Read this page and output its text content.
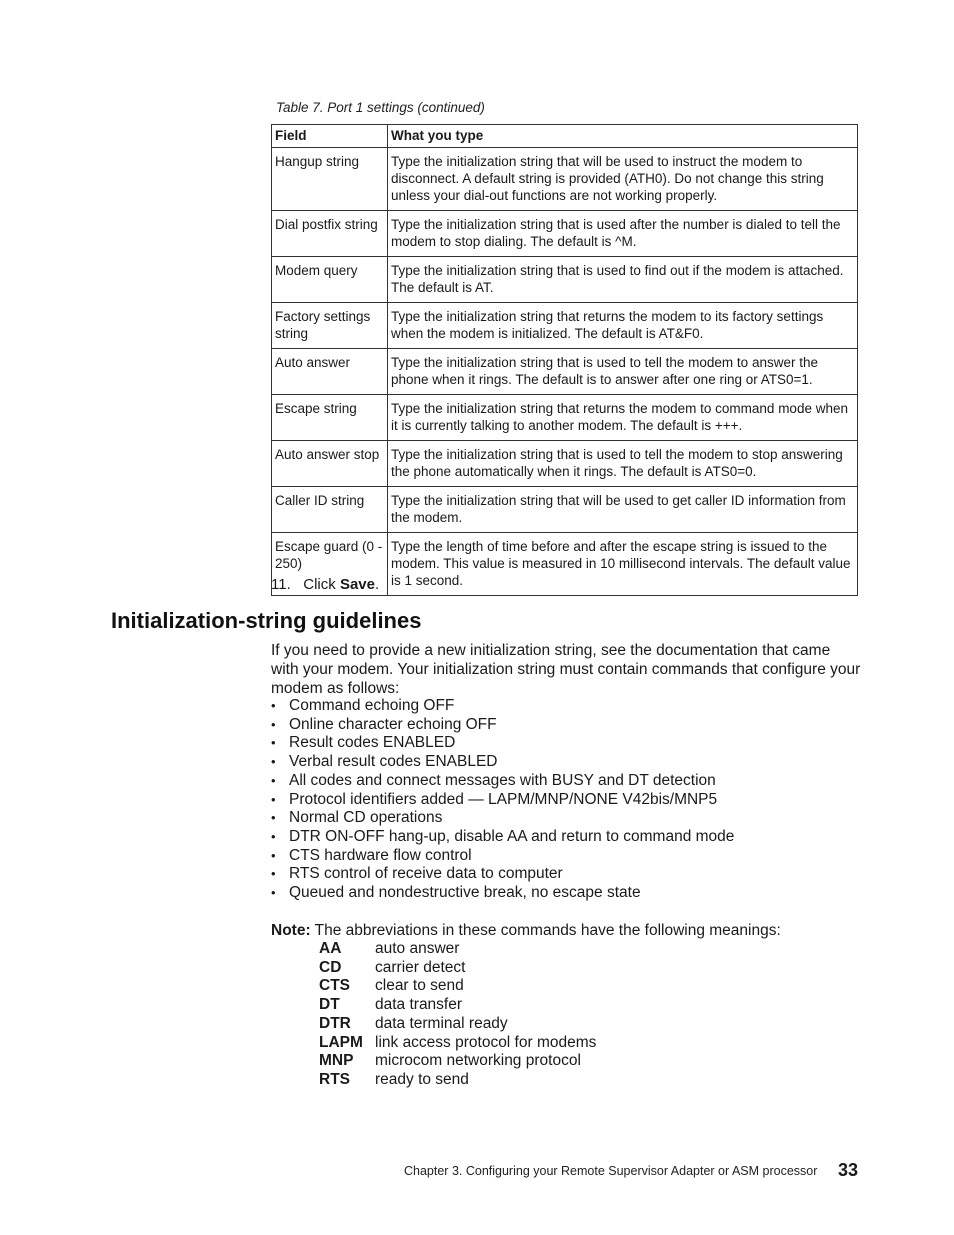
Table 7. Port 1 settings (continued)
Field	What you type
Hangup string	Type the initialization string that will be used to instruct the modem to disconnect. A default string is provided (ATH0). Do not change this string unless your dial-out functions are not working properly.
Dial postfix string	Type the initialization string that is used after the number is dialed to tell the modem to stop dialing. The default is ^M.
Modem query	Type the initialization string that is used to find out if the modem is attached. The default is AT.
Factory settings string	Type the initialization string that returns the modem to its factory settings when the modem is initialized. The default is AT&F0.
Auto answer	Type the initialization string that is used to tell the modem to answer the phone when it rings. The default is to answer after one ring or ATS0=1.
Escape string	Type the initialization string that returns the modem to command mode when it is currently talking to another modem. The default is +++.
Auto answer stop	Type the initialization string that is used to tell the modem to stop answering the phone automatically when it rings. The default is ATS0=0.
Caller ID string	Type the initialization string that will be used to get caller ID information from the modem.
Escape guard (0 - 250)	Type the length of time before and after the escape string is issued to the modem. This value is measured in 10 millisecond intervals. The default value is 1 second.
11. Click Save.
Initialization-string guidelines

If you need to provide a new initialization string, see the documentation that came with your modem. Your initialization string must contain commands that configure your modem as follows:

• Command echoing OFF
• Online character echoing OFF
• Result codes ENABLED
• Verbal result codes ENABLED
• All codes and connect messages with BUSY and DT detection
• Protocol identifiers added — LAPM/MNP/NONE V42bis/MNP5
• Normal CD operations
• DTR ON-OFF hang-up, disable AA and return to command mode
• CTS hardware flow control
• RTS control of receive data to computer
• Queued and nondestructive break, no escape state
Note: The abbreviations in these commands have the following meanings:
AA	auto answer
CD	carrier detect
CTS	clear to send
DT	data transfer
DTR	data terminal ready
LAPM link access protocol for modems
MNP	microcom networking protocol
RTS	ready to send
Chapter 3. Configuring your Remote Supervisor Adapter or ASM processor 33
